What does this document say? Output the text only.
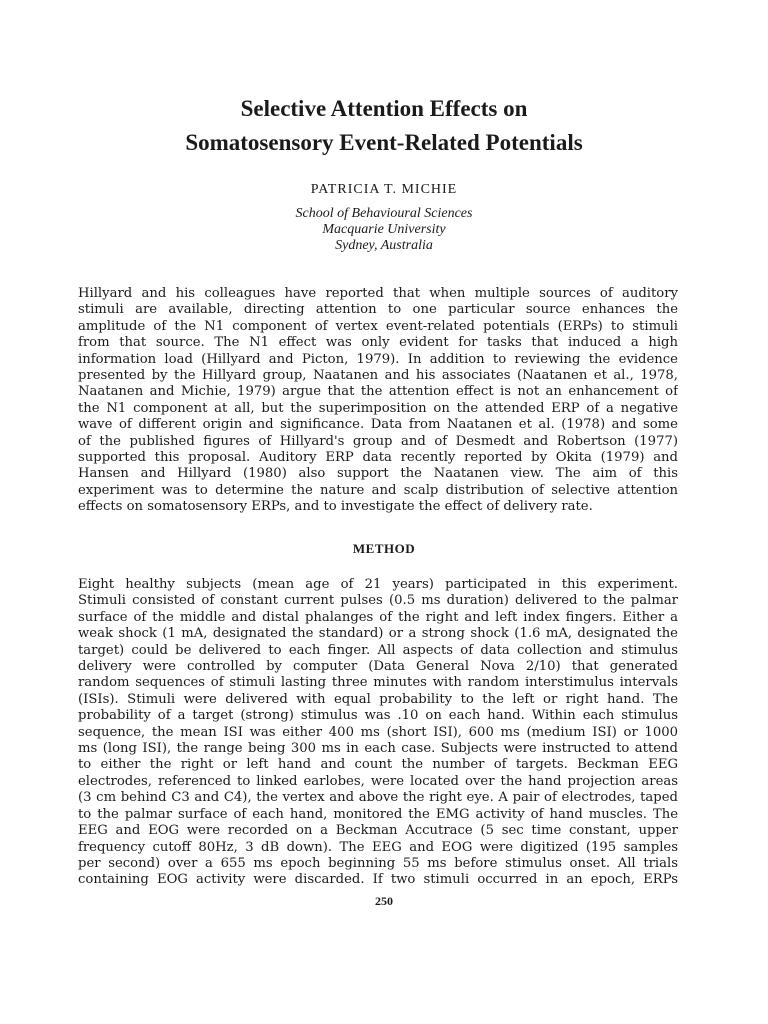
Selective Attention Effects on
Somatosensory Event-Related Potentials
PATRICIA T. MICHIE
School of Behavioural Sciences
Macquarie University
Sydney, Australia
Hillyard and his colleagues have reported that when multiple sources of auditory
stimuli are available, directing attention to one particular source enhances the
amplitude of the N1 component of vertex event-related potentials (ERPs) to stimuli
from that source. The N1 effect was only evident for tasks that induced a high
information load (Hillyard and Picton, 1979). In addition to reviewing the evidence
presented by the Hillyard group, Naatanen and his associates (Naatanen et al., 1978,
Naatanen and Michie, 1979) argue that the attention effect is not an enhancement of
the N1 component at all, but the superimposition on the attended ERP of a negative
wave of different origin and significance. Data from Naatanen et al. (1978) and some
of the published figures of Hillyard's group and of Desmedt and Robertson (1977)
supported this proposal. Auditory ERP data recently reported by Okita (1979) and
Hansen and Hillyard (1980) also support the Naatanen view. The aim of this
experiment was to determine the nature and scalp distribution of selective attention
effects on somatosensory ERPs, and to investigate the effect of delivery rate.
METHOD
Eight healthy subjects (mean age of 21 years) participated in this experiment.
Stimuli consisted of constant current pulses (0.5 ms duration) delivered to the palmar
surface of the middle and distal phalanges of the right and left index fingers. Either a
weak shock (1 mA, designated the standard) or a strong shock (1.6 mA, designated the
target) could be delivered to each finger. All aspects of data collection and stimulus
delivery were controlled by computer (Data General Nova 2/10) that generated
random sequences of stimuli lasting three minutes with random interstimulus intervals
(ISIs). Stimuli were delivered with equal probability to the left or right hand. The
probability of a target (strong) stimulus was .10 on each hand. Within each stimulus
sequence, the mean ISI was either 400 ms (short ISI), 600 ms (medium ISI) or 1000
ms (long ISI), the range being 300 ms in each case. Subjects were instructed to attend
to either the right or left hand and count the number of targets. Beckman EEG
electrodes, referenced to linked earlobes, were located over the hand projection areas
(3 cm behind C3 and C4), the vertex and above the right eye. A pair of electrodes, taped
to the palmar surface of each hand, monitored the EMG activity of hand muscles. The
EEG and EOG were recorded on a Beckman Accutrace (5 sec time constant, upper
frequency cutoff 80Hz, 3 dB down). The EEG and EOG were digitized (195 samples
per second) over a 655 ms epoch beginning 55 ms before stimulus onset. All trials
containing EOG activity were discarded. If two stimuli occurred in an epoch, ERPs
250
